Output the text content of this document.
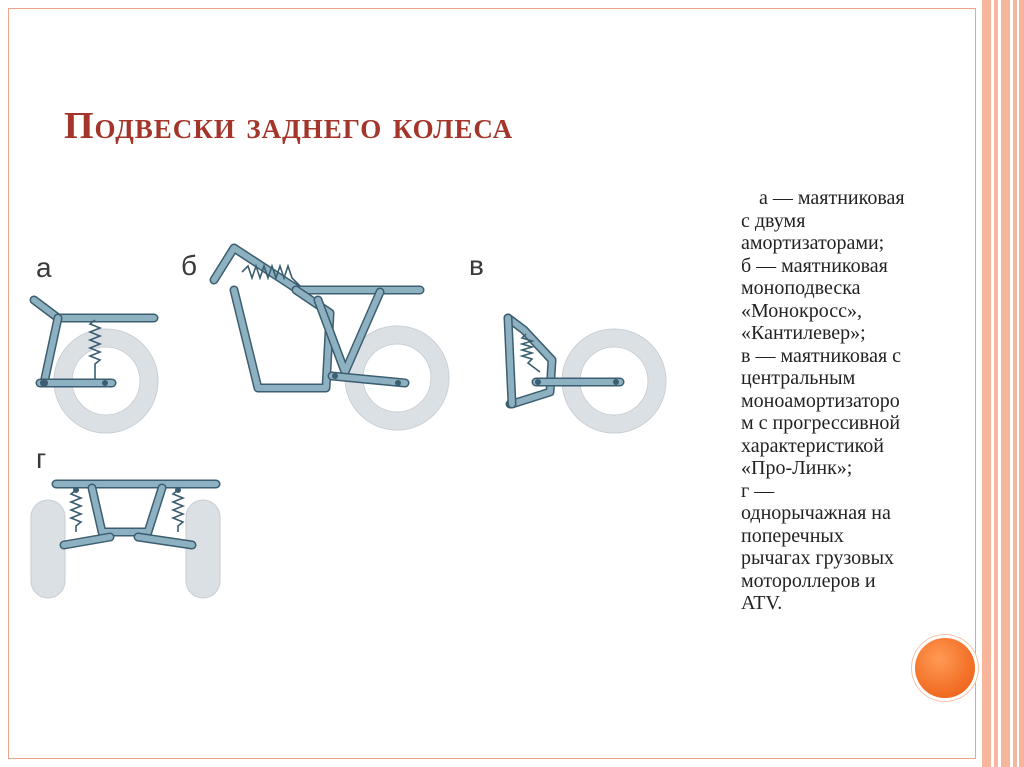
Подвески заднего колеса
а	б	в
г
а — маятниковая
с двумя
амортизаторами;
б — маятниковая
моноподвеска
«Монокросс»,
«Кантилевер»;
в — маятниковая с
центральным
моноамортизаторо
м с прогрессивной
характеристикой
«Про-Линк»;
г —
однорычажная на
поперечных
рычагах грузовых
мотороллеров и
ATV.
